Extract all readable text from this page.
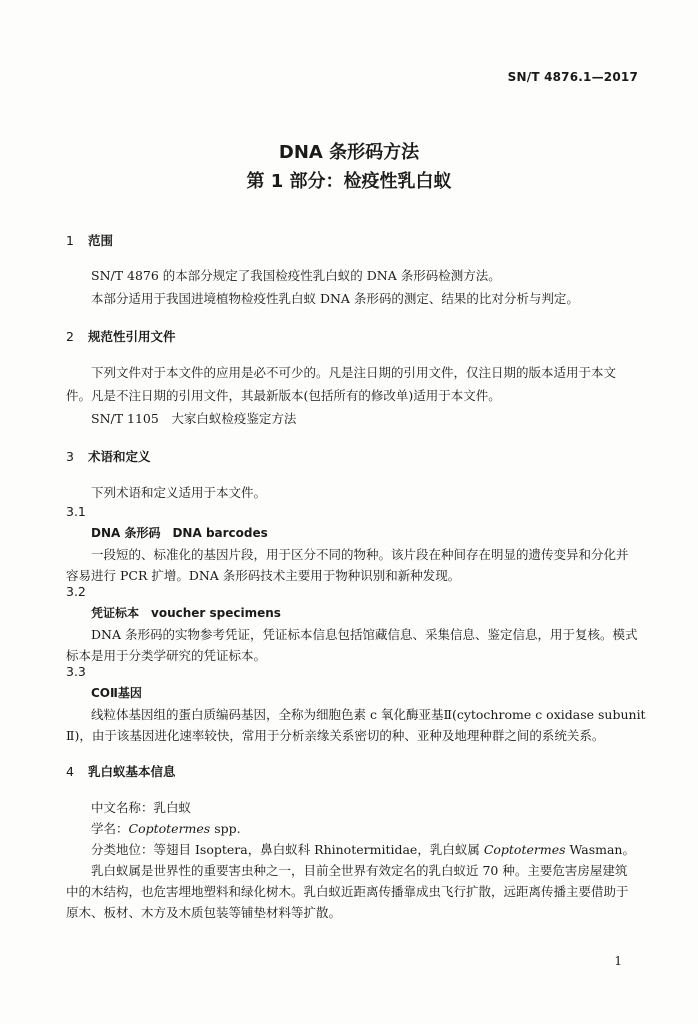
SN/T 4876.1—2017
DNA 条形码方法
第 1 部分：检疫性乳白蚁
1 范围
SN/T 4876 的本部分规定了我国检疫性乳白蚁的 DNA 条形码检测方法。
本部分适用于我国进境植物检疫性乳白蚁 DNA 条形码的测定、结果的比对分析与判定。
2 规范性引用文件
下列文件对于本文件的应用是必不可少的。凡是注日期的引用文件，仅注日期的版本适用于本文
件。凡是不注日期的引用文件，其最新版本(包括所有的修改单)适用于本文件。
SN/T 1105　大家白蚁检疫鉴定方法
3 术语和定义
下列术语和定义适用于本文件。
3.1
DNA 条形码　DNA barcodes
一段短的、标准化的基因片段，用于区分不同的物种。该片段在种间存在明显的遗传变异和分化并
容易进行 PCR 扩增。DNA 条形码技术主要用于物种识别和新种发现。
3.2
凭证标本　voucher specimens
DNA 条形码的实物参考凭证，凭证标本信息包括馆藏信息、采集信息、鉴定信息，用于复核。模式
标本是用于分类学研究的凭证标本。
3.3
COⅡ基因
线粒体基因组的蛋白质编码基因，全称为细胞色素 c 氧化酶亚基Ⅱ(cytochrome c oxidase subunit
Ⅱ)，由于该基因进化速率较快，常用于分析亲缘关系密切的种、亚种及地理种群之间的系统关系。
4 乳白蚁基本信息
中文名称：乳白蚁
学名：Coptotermes spp.
分类地位：等翅目 Isoptera，鼻白蚁科 Rhinotermitidae，乳白蚁属 Coptotermes Wasman。
乳白蚁属是世界性的重要害虫种之一，目前全世界有效定名的乳白蚁近 70 种。主要危害房屋建筑
中的木结构，也危害埋地塑料和绿化树木。乳白蚁近距离传播靠成虫飞行扩散，远距离传播主要借助于
原木、板材、木方及木质包装等铺垫材料等扩散。
1
